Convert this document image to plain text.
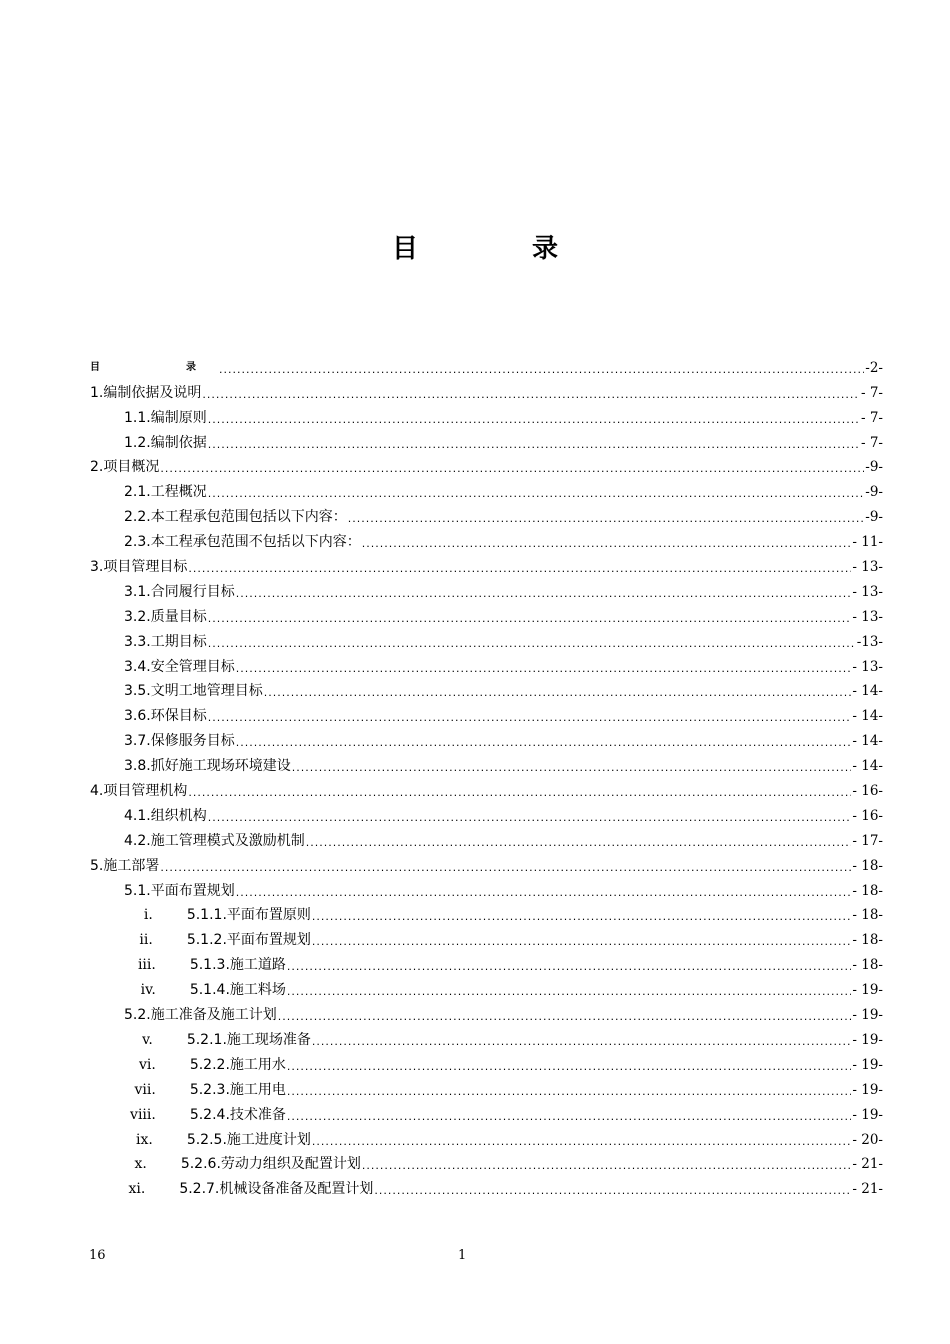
目　录
目　　录 .....	-2-
1.编制依据及说明 .....	- 7-
1.1.编制原则 .....	- 7-
1.2.编制依据 .....	- 7-
2.项目概况 .....	-9-
2.1.工程概况 .....	-9-
2.2.本工程承包范围包括以下内容： .....	-9-
2.3.本工程承包范围不包括以下内容： .....	- 11-
3.项目管理目标 .....	- 13-
3.1.合同履行目标 .....	- 13-
3.2.质量目标 .....	- 13-
3.3.工期目标 .....	-13-
3.4.安全管理目标 .....	- 13-
3.5.文明工地管理目标 .....	- 14-
3.6.环保目标 .....	- 14-
3.7.保修服务目标 .....	- 14-
3.8.抓好施工现场环境建设 .....	- 14-
4.项目管理机构 .....	- 16-
4.1.组织机构 .....	- 16-
4.2.施工管理模式及激励机制 .....	- 17-
5.施工部署 .....	- 18-
5.1.平面布置规划 .....	- 18-
i.	5.1.1.平面布置原则 .....	- 18-
ii.	5.1.2.平面布置规划 .....	- 18-
iii.	5.1.3.施工道路 .....	- 18-
iv.	5.1.4.施工料场 .....	- 19-
5.2.施工准备及施工计划 .....	- 19-
v.	5.2.1.施工现场准备 .....	- 19-
vi.	5.2.2.施工用水 .....	- 19-
vii.	5.2.3.施工用电 .....	- 19-
viii.	5.2.4.技术准备 .....	- 19-
ix.	5.2.5.施工进度计划 .....	- 20-
x.	5.2.6.劳动力组织及配置计划 .....	- 21-
xi.	5.2.7.机械设备准备及配置计划 .....	- 21-
16	1
